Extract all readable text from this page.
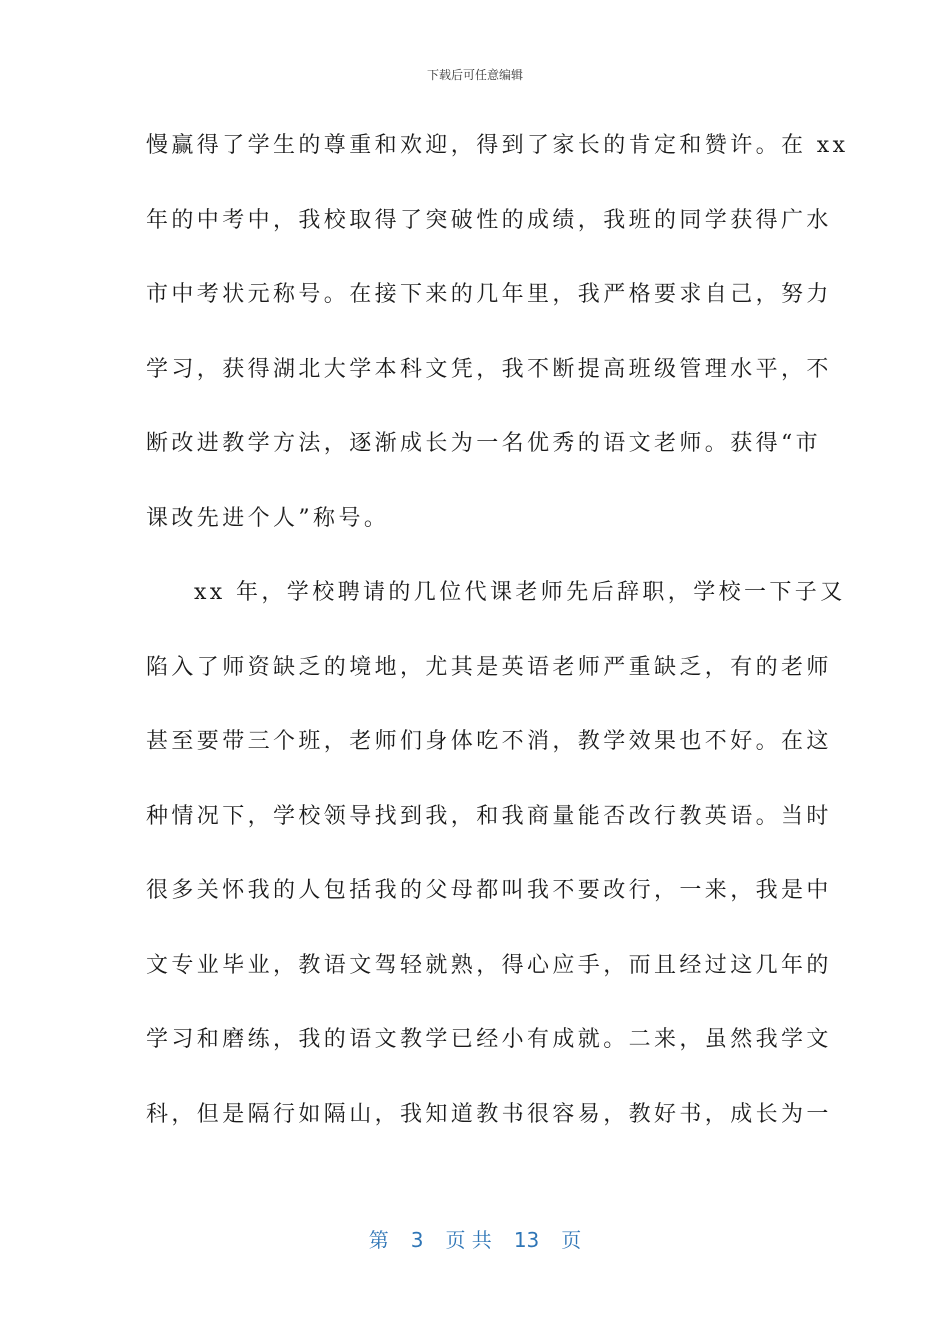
下载后可任意编辑
慢赢得了学生的尊重和欢迎，得到了家长的肯定和赞许。在 xx
年的中考中，我校取得了突破性的成绩，我班的同学获得广水
市中考状元称号。在接下来的几年里，我严格要求自己，努力
学习，获得湖北大学本科文凭，我不断提高班级管理水平，不
断改进教学方法，逐渐成长为一名优秀的语文老师。获得“市
课改先进个人”称号。
xx 年，学校聘请的几位代课老师先后辞职，学校一下子又
陷入了师资缺乏的境地，尤其是英语老师严重缺乏，有的老师
甚至要带三个班，老师们身体吃不消，教学效果也不好。在这
种情况下，学校领导找到我，和我商量能否改行教英语。当时
很多关怀我的人包括我的父母都叫我不要改行，一来，我是中
文专业毕业，教语文驾轻就熟，得心应手，而且经过这几年的
学习和磨练，我的语文教学已经小有成就。二来，虽然我学文
科，但是隔行如隔山，我知道教书很容易，教好书，成长为一
第 3 页 共 13 页
